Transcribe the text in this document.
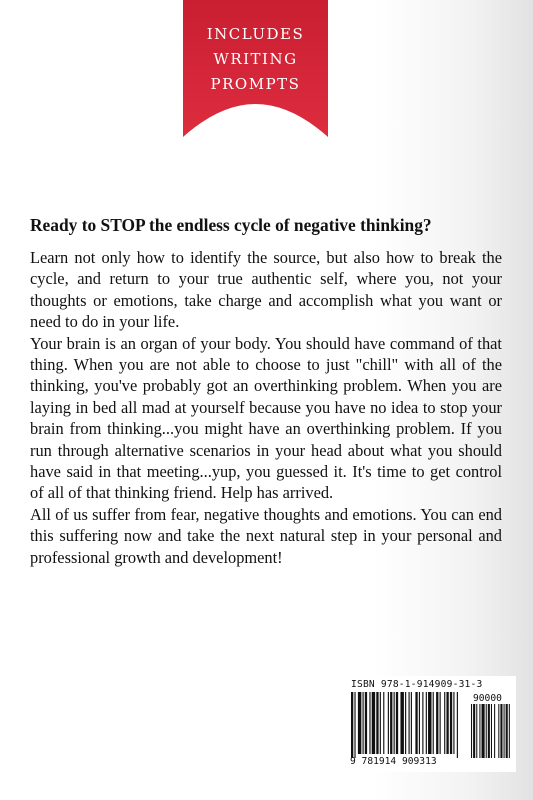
INCLUDES
WRITING
PROMPTS
Ready to STOP the endless cycle of negative thinking?

Learn not only how to identify the source, but also how to break the cycle, and return to your true authentic self, where you, not your thoughts or emotions, take charge and accomplish what you want or need to do in your life.

Your brain is an organ of your body. You should have command of that thing. When you are not able to choose to just "chill" with all of the thinking, you've probably got an overthinking problem. When you are laying in bed all mad at yourself because you have no idea to stop your brain from thinking...you might have an overthinking problem. If you run through alternative scenarios in your head about what you should have said in that meeting...yup, you guessed it. It's time to get control of all of that thinking friend. Help has arrived.

All of us suffer from fear, negative thoughts and emotions. You can end this suffering now and take the next natural step in your personal and professional growth and development!

ISBN 978-1-914909-31-3
90000
9 781914 909313
